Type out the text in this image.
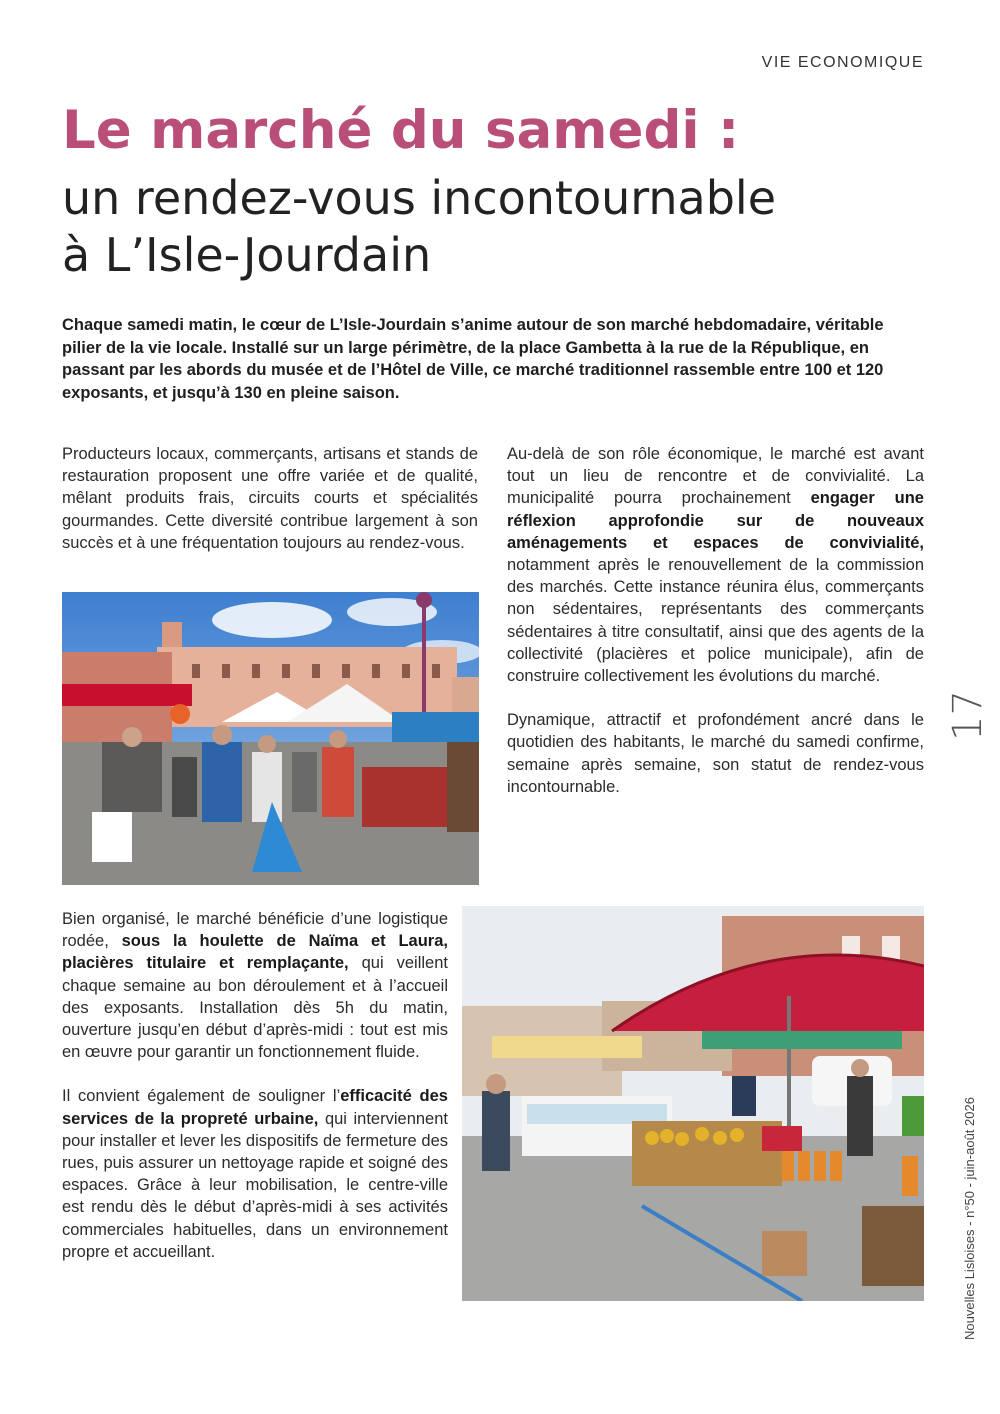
VIE ECONOMIQUE
Le marché du samedi :
un rendez-vous incontournable
à L’Isle-Jourdain
Chaque samedi matin, le cœur de L’Isle-Jourdain s’anime autour de son marché hebdomadaire, véritable pilier de la vie locale. Installé sur un large périmètre, de la place Gambetta à la rue de la République, en passant par les abords du musée et de l’Hôtel de Ville, ce marché traditionnel rassemble entre 100 et 120 exposants, et jusqu’à 130 en pleine saison.

Producteurs locaux, commerçants, artisans et stands de restauration proposent une offre variée et de qualité, mêlant produits frais, circuits courts et spécialités gourmandes. Cette diversité contribue largement à son succès et à une fréquentation toujours au rendez-vous.

Au-delà de son rôle économique, le marché est avant tout un lieu de rencontre et de convivialité. La municipalité pourra prochainement engager une réflexion approfondie sur de nouveaux aménagements et espaces de convivialité, notamment après le renouvellement de la commission des marchés. Cette instance réunira élus, commerçants non sédentaires, représentants des commerçants sédentaires à titre consultatif, ainsi que des agents de la collectivité (placières et police municipale), afin de construire collectivement les évolutions du marché.

Dynamique, attractif et profondément ancré dans le quotidien des habitants, le marché du samedi confirme, semaine après semaine, son statut de rendez-vous incontournable.

Bien organisé, le marché bénéficie d’une logistique rodée, sous la houlette de Naïma et Laura, placières titulaire et remplaçante, qui veillent chaque semaine au bon déroulement et à l’accueil des exposants. Installation dès 5h du matin, ouverture jusqu’en début d’après-midi : tout est mis en œuvre pour garantir un fonctionnement fluide.

Il convient également de souligner l’efficacité des services de la propreté urbaine, qui interviennent pour installer et lever les dispositifs de fermeture des rues, puis assurer un nettoyage rapide et soigné des espaces. Grâce à leur mobilisation, le centre-ville est rendu dès le début d’après-midi à ses activités commerciales habituelles, dans un environnement propre et accueillant.

17
Nouvelles Lisloises - n°50 - juin-août 2026
